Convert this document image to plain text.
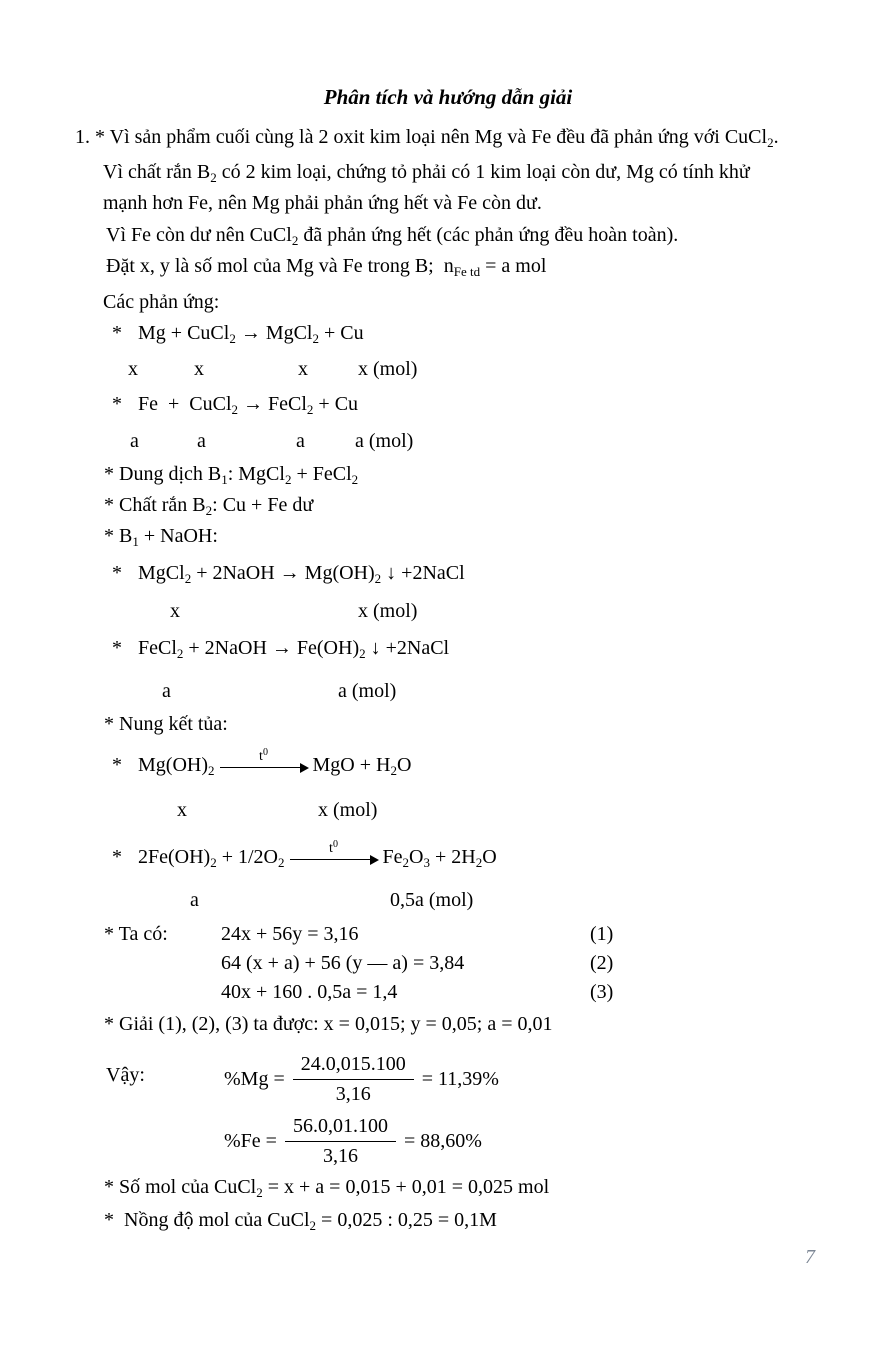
Phân tích và hướng dẫn giải
1. * Vì sản phẩm cuối cùng là 2 oxit kim loại nên Mg và Fe đều đã phản ứng với CuCl$_2$.
Vì chất rắn $B_2$ có 2 kim loại, chứng tỏ phải có 1 kim loại còn dư, Mg có tính khử
mạnh hơn Fe, nên Mg phải phản ứng hết và Fe còn dư.
Vì Fe còn dư nên CuCl$_2$ đã phản ứng hết (các phản ứng đều hoàn toàn).
Đặt x, y là số mol của Mg và Fe trong B;  $n_{Fe td} = a$ mol
Các phản ứng:
* Mg + CuCl$_2$ → MgCl$_2$ + Cu
x	x	x	x (mol)
* Fe  +  CuCl$_2$ → FeCl$_2$ + Cu
a	a	a	a (mol)
* Dung dịch $B_1$: MgCl$_2$ + FeCl$_2$
* Chất rắn $B_2$: Cu + Fe dư
* $B_1$ + NaOH:
* MgCl$_2$ + 2NaOH → $Mg(OH)_2$ ↓ +2NaCl
x	x (mol)
* FeCl$_2$ + 2NaOH → $Fe(OH)_2$ ↓ +2NaCl
a	a (mol)
* Nung kết tủa:
* $Mg(OH)_2$
$t^0$
MgO + $H_2O$
x	x (mol)
* $2Fe(OH)_2 + 1/2O_2$
$t^0$
$Fe_2O_3 + 2H_2O$
a	0,5a (mol)
* Ta có:	24x + 56y = 3,16	(1)
64 (x + a) + 56 (y — a) = 3,84	(2)
40x + 160 . 0,5a = 1,4	(3)
* Giải (1), (2), (3) ta được: x = 0,015; y = 0,05; a = 0,01
Vậy:	$\%Mg = \frac{24.0,015.100}{3,16} = 11,39\%$
$\%Fe = \frac{56.0,01.100}{3,16} = 88,60\%$
* Số mol của CuCl$_2$ = x + a = 0,015 + 0,01 = 0,025 mol
*  Nồng độ mol của CuCl$_2$ = 0,025 : 0,25 = 0,1M
7
